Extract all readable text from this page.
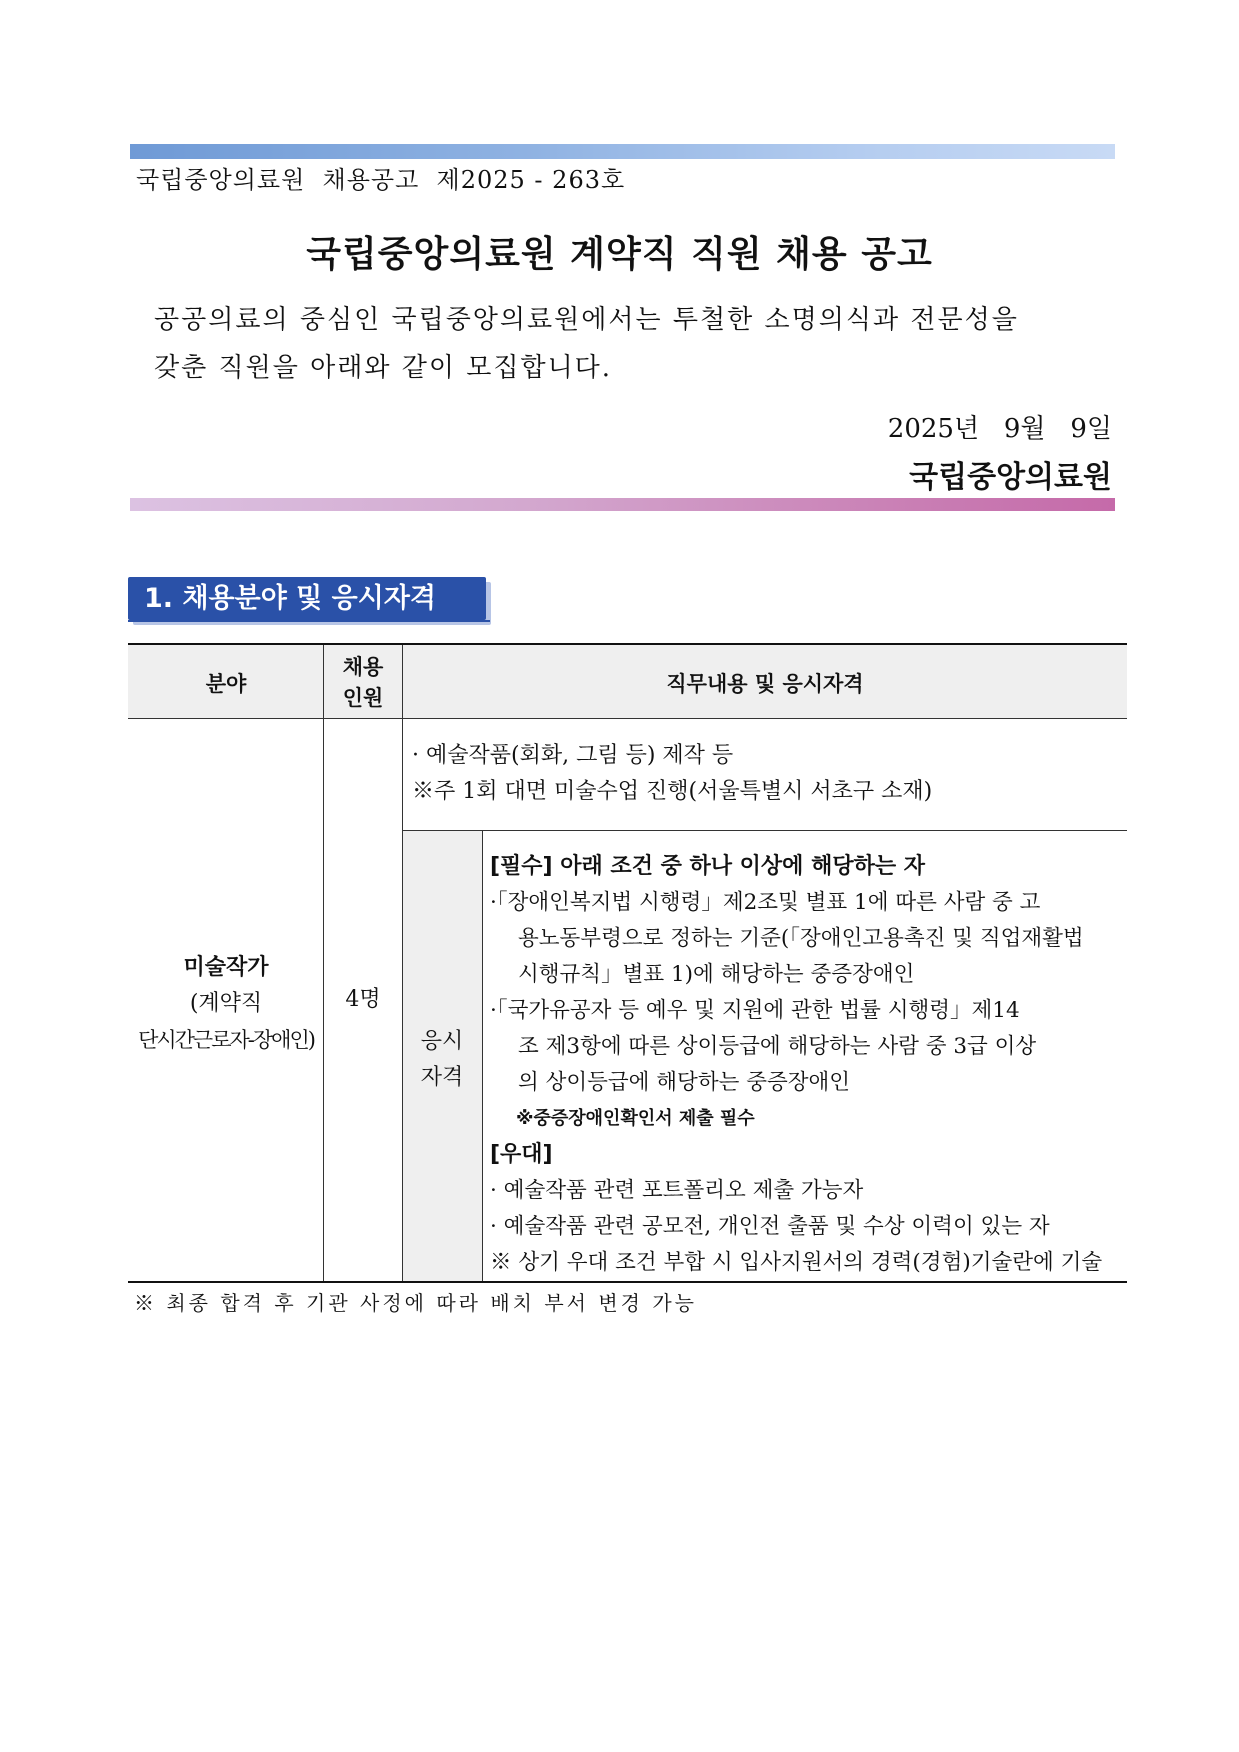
국립중앙의료원  채용공고  제2025 - 263호
국립중앙의료원 계약직 직원 채용 공고
공공의료의 중심인 국립중앙의료원에서는 투철한 소명의식과 전문성을
갖춘 직원을 아래와 같이 모집합니다.
2025년   9월   9일
국립중앙의료원
1. 채용분야 및 응시자격
분야
채용
인원
직무내용 및 응시자격
미술작가
(계약직
단시간근로자-장애인)
4명
· 예술작품(회화, 그림 등) 제작 등
※주 1회 대면 미술수업 진행(서울특별시 서초구 소재)
응시
자격
[필수] 아래 조건 중 하나 이상에 해당하는 자
·「장애인복지법 시행령」제2조및 별표 1에 따른 사람 중 고
용노동부령으로 정하는 기준(「장애인고용촉진 및 직업재활법
시행규칙」별표 1)에 해당하는 중증장애인
·「국가유공자 등 예우 및 지원에 관한 법률 시행령」제14
조 제3항에 따른 상이등급에 해당하는 사람 중 3급 이상
의 상이등급에 해당하는 중증장애인
※중증장애인확인서 제출 필수
[우대]
· 예술작품 관련 포트폴리오 제출 가능자
· 예술작품 관련 공모전, 개인전 출품 및 수상 이력이 있는 자
※ 상기 우대 조건 부합 시 입사지원서의 경력(경험)기술란에 기술
※ 최종 합격 후 기관 사정에 따라 배치 부서 변경 가능
